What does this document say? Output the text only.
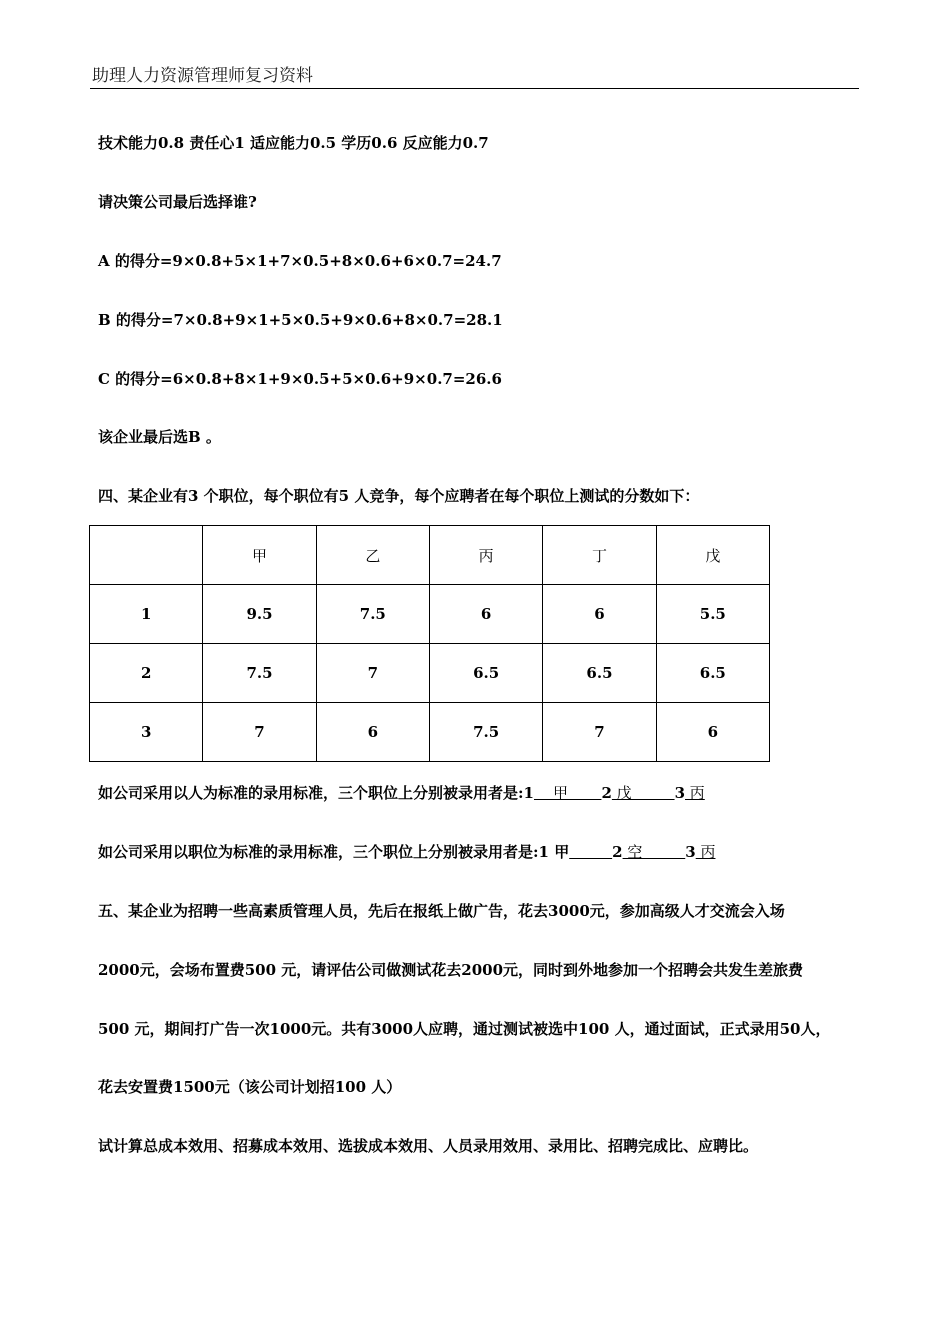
助理人力资源管理师复习资料
技术能力0.8 责任心1 适应能力0.5 学历0.6 反应能力0.7
请决策公司最后选择谁?
A 的得分=9×0.8+5×1+7×0.5+8×0.6+6×0.7=24.7
B 的得分=7×0.8+9×1+5×0.5+9×0.6+8×0.7=28.1
C 的得分=6×0.8+8×1+9×0.5+5×0.6+9×0.7=26.6
该企业最后选B 。
四、某企业有3 个职位，每个职位有5 人竞争，每个应聘者在每个职位上测试的分数如下：
	甲	乙	丙	丁	戊
1	9.5	7.5	6	6	5.5
2	7.5	7	6.5	6.5	6.5
3	7	6	7.5	7	6
如公司采用以人为标准的录用标准，三个职位上分别被录用者是:1    甲       2 戊         3 丙
如公司采用以职位为标准的录用标准，三个职位上分别被录用者是:1 甲	2 空         3 丙
五、某企业为招聘一些高素质管理人员，先后在报纸上做广告，花去3000元，参加高级人才交流会入场
2000元，会场布置费500 元，请评估公司做测试花去2000元，同时到外地参加一个招聘会共发生差旅费
500 元，期间打广告一次1000元。共有3000人应聘，通过测试被选中100 人，通过面试，正式录用50人，
花去安置费1500元（该公司计划招100 人）
试计算总成本效用、招募成本效用、选拔成本效用、人员录用效用、录用比、招聘完成比、应聘比。
